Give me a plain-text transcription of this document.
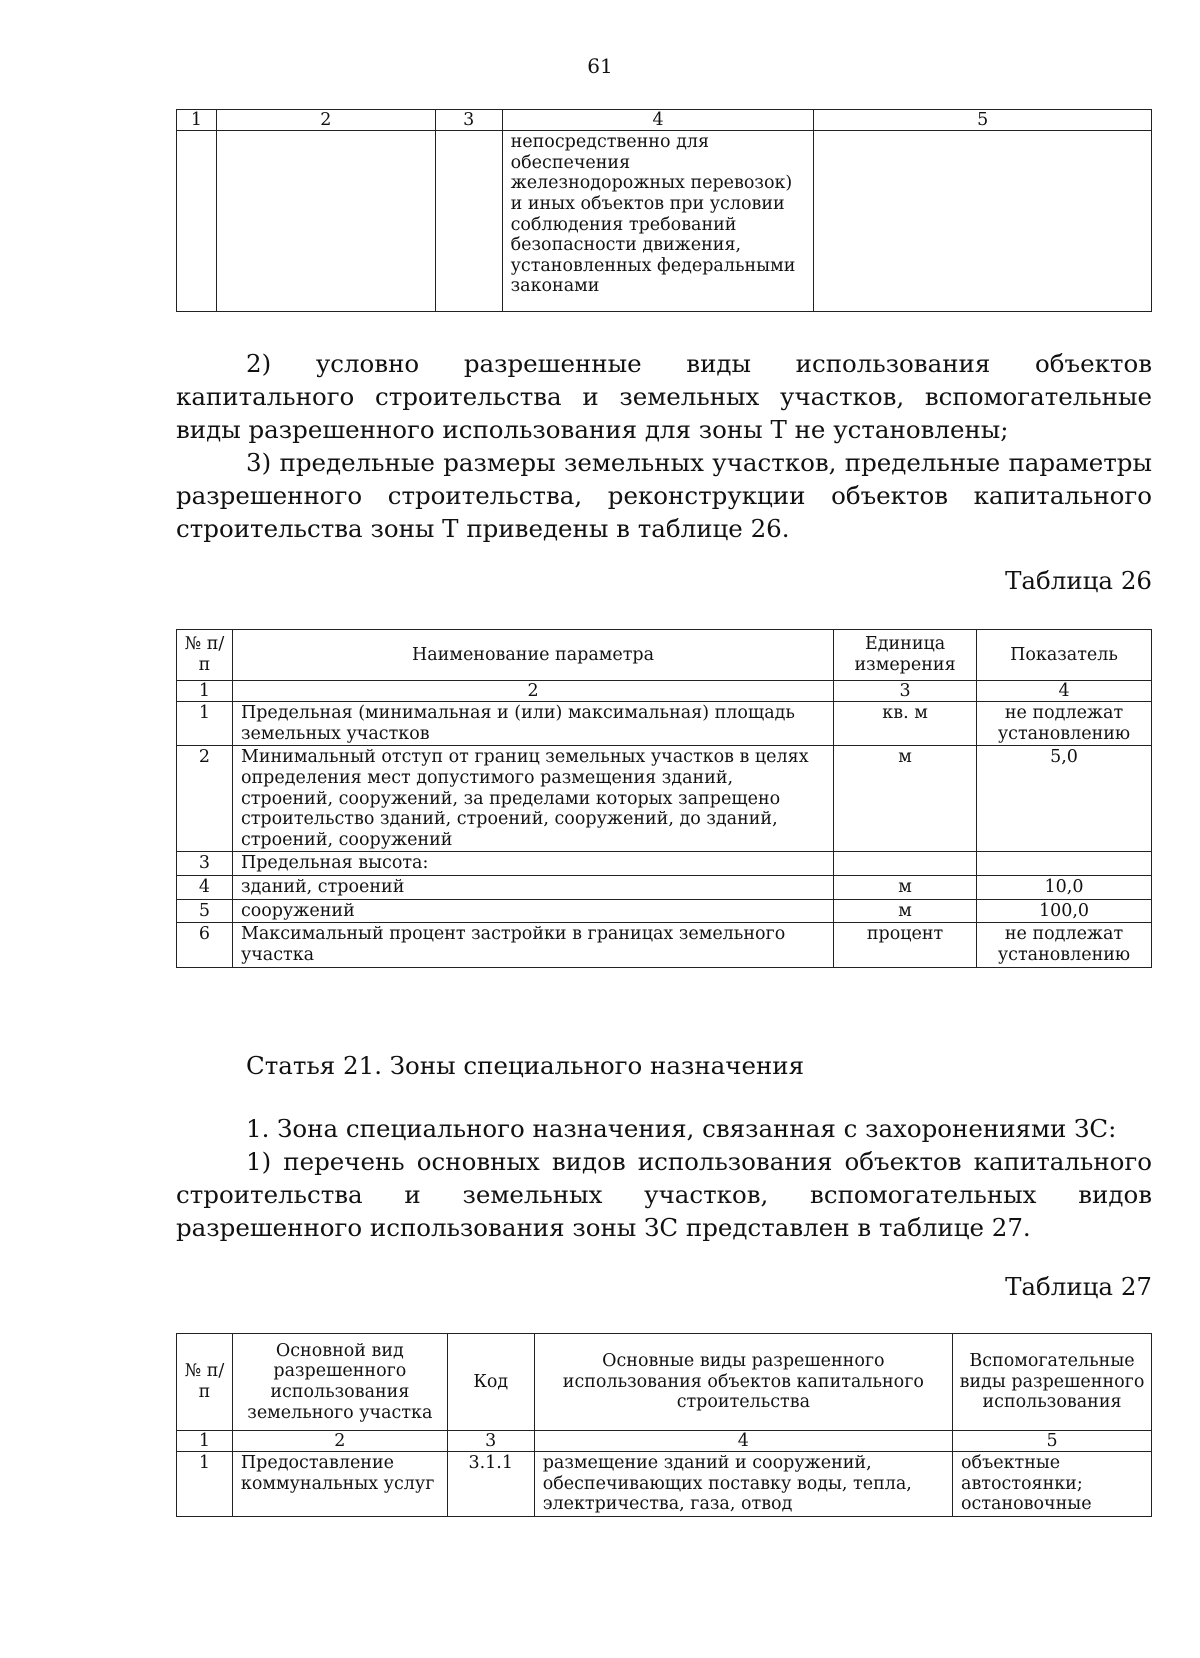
61
1	2	3	4	5
			непосредственно для обеспечения железнодорожных перевозок) и иных объектов при условии соблюдения требований безопасности движения, установленных федеральными законами	

2) условно разрешенные виды использования объектов капитального строительства и земельных участков, вспомогательные виды разрешенного использования для зоны Т не установлены;

3) предельные размеры земельных участков, предельные параметры разрешенного строительства, реконструкции объектов капитального строительства зоны Т приведены в таблице 26.

Таблица 26
№ п/п	Наименование параметра	Единица измерения	Показатель
1	2	3	4
1	Предельная (минимальная и (или) максимальная) площадь земельных участков	кв. м	не подлежат установлению
2	Минимальный отступ от границ земельных участков в целях определения мест допустимого размещения зданий, строений, сооружений, за пределами которых запрещено строительство зданий, строений, сооружений, до зданий, строений, сооружений	м	5,0
3	Предельная высота:		
4	зданий, строений	м	10,0
5	сооружений	м	100,0
6	Максимальный процент застройки в границах земельного участка	процент	не подлежат установлению
Статья 21. Зоны специального назначения

1. Зона специального назначения, связанная с захоронениями ЗС:

1) перечень основных видов использования объектов капитального строительства и земельных участков, вспомогательных видов разрешенного использования зоны ЗС представлен в таблице 27.

Таблица 27
№ п/п	Основной вид разрешенного использования земельного участка	Код	Основные виды разрешенного использования объектов капитального строительства	Вспомогательные виды разрешенного использования
1	2	3	4	5
1	Предоставление коммунальных услуг	3.1.1	размещение зданий и сооружений, обеспечивающих поставку воды, тепла, электричества, газа, отвод	объектные автостоянки; остановочные
